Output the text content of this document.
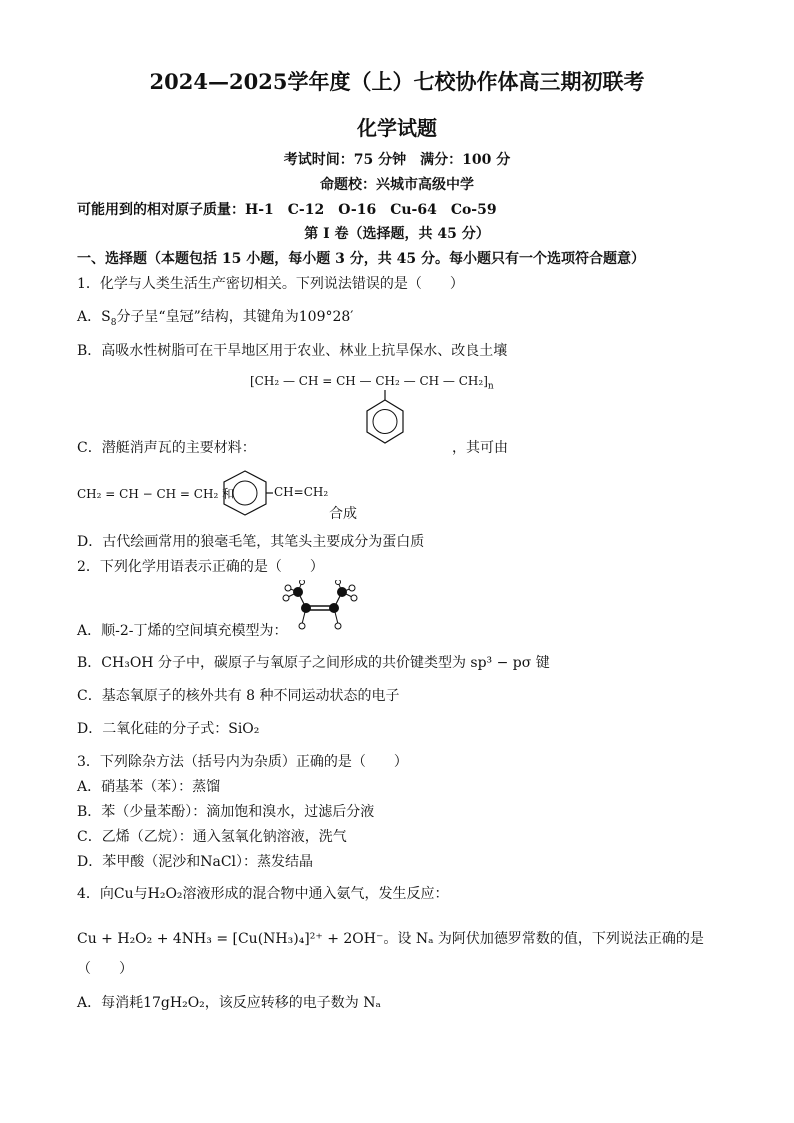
2024—2025学年度（上）七校协作体高三期初联考
化学试题
考试时间：75 分钟　满分：100 分
命题校：兴城市高级中学
可能用到的相对原子质量：H-1　C-12　O-16　Cu-64　Co-59
第 I 卷（选择题，共 45 分）
一、选择题（本题包括 15 小题，每小题 3 分，共 45 分。每小题只有一个选项符合题意）
1．化学与人类生活生产密切相关。下列说法错误的是（　　）
A．$S_8$分子呈“皇冠”结构，其键角为109°28′
B．高吸水性树脂可在干旱地区用于农业、林业上抗旱保水、改良土壤
[CH₂ — CH = CH — CH₂ — CH — $CH_2]_n$
C．潜艇消声瓦的主要材料：	，其可由
CH₂ = CH − CH = CH₂ 和	CH=CH₂
合成
D．古代绘画常用的狼毫毛笔，其笔头主要成分为蛋白质
2．下列化学用语表示正确的是（　　）
A．顺-2-丁烯的空间填充模型为：
B．CH₃OH 分子中，碳原子与氧原子之间形成的共价键类型为 sp³ − pσ 键
C．基态氧原子的核外共有 8 种不同运动状态的电子
D．二氧化硅的分子式：SiO₂
3．下列除杂方法（括号内为杂质）正确的是（　　）
A．硝基苯（苯）：蒸馏
B．苯（少量苯酚）：滴加饱和溴水，过滤后分液
C．乙烯（乙烷）：通入氢氧化钠溶液，洗气
D．苯甲酸（泥沙和NaCl）：蒸发结晶
4．向Cu与H₂O₂溶液形成的混合物中通入氨气，发生反应：
Cu + H₂O₂ + 4NH₃ = [Cu(NH₃)₄]²⁺ + 2OH⁻。设 Nₐ 为阿伏加德罗常数的值，下列说法正确的是
（　　）
A．每消耗17gH₂O₂，该反应转移的电子数为 Nₐ
